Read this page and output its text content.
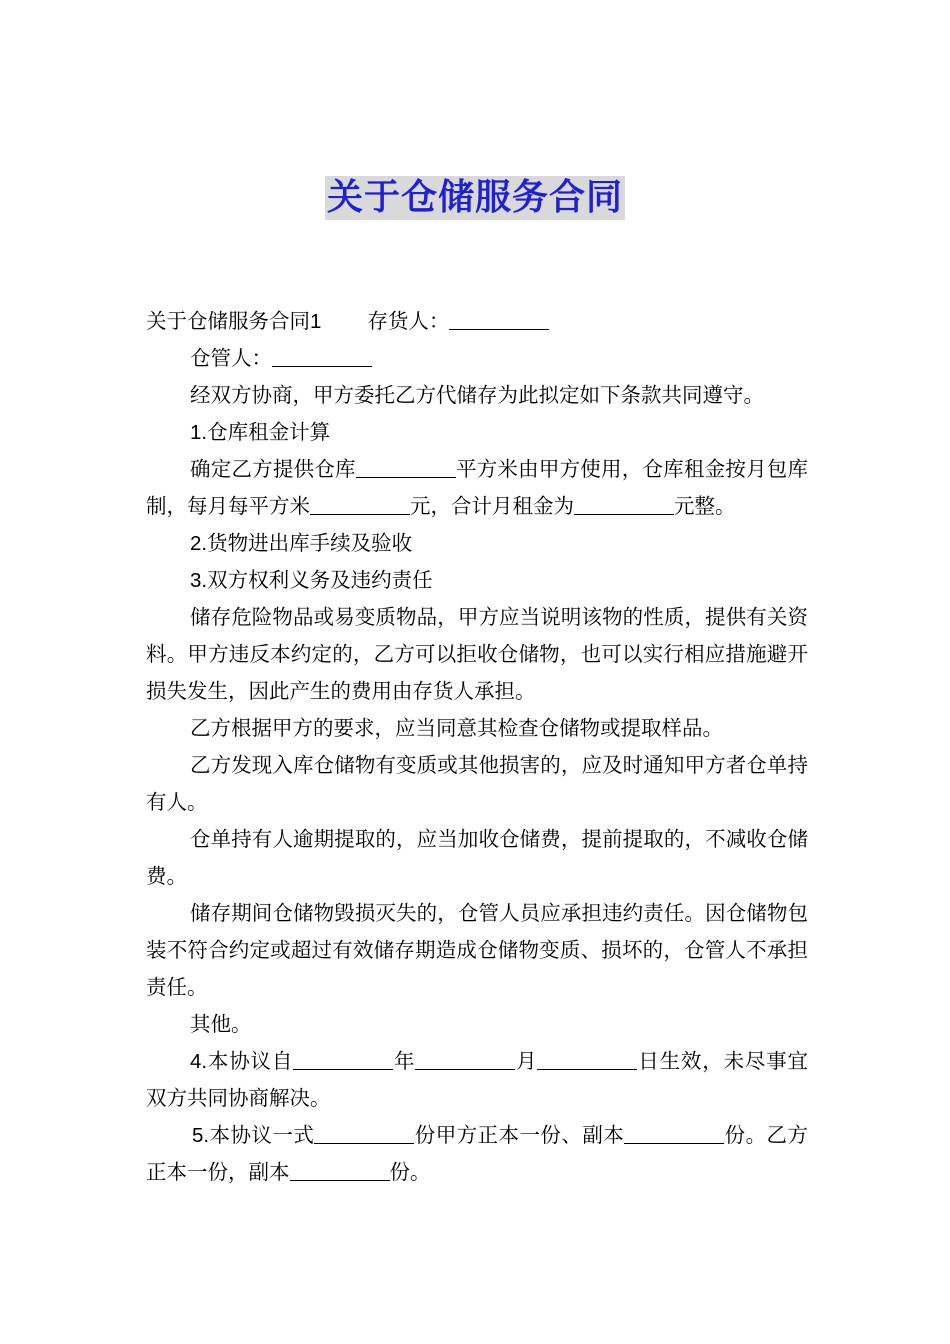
关于仓储服务合同

关于仓储服务合同1 存货人：

仓管人：

经双方协商，甲方委托乙方代储存为此拟定如下条款共同遵守。

1.仓库租金计算

确定乙方提供仓库	平方米由甲方使用，仓库租金按月包库制，每月每平方米	元，合计月租金为	元整。

2.货物进出库手续及验收

3.双方权利义务及违约责任

储存危险物品或易变质物品，甲方应当说明该物的性质，提供有关资料。甲方违反本约定的，乙方可以拒收仓储物，也可以实行相应措施避开损失发生，因此产生的费用由存货人承担。

乙方根据甲方的要求，应当同意其检查仓储物或提取样品。

乙方发现入库仓储物有变质或其他损害的，应及时通知甲方者仓单持有人。

仓单持有人逾期提取的，应当加收仓储费，提前提取的，不减收仓储费。

储存期间仓储物毁损灭失的，仓管人员应承担违约责任。因仓储物包装不符合约定或超过有效储存期造成仓储物变质、损坏的，仓管人不承担责任。

其他。

4.本协议自	年	月	日生效，未尽事宜双方共同协商解决。

5.本协议一式	份甲方正本一份、副本	份。乙方正本一份，副本	份。
